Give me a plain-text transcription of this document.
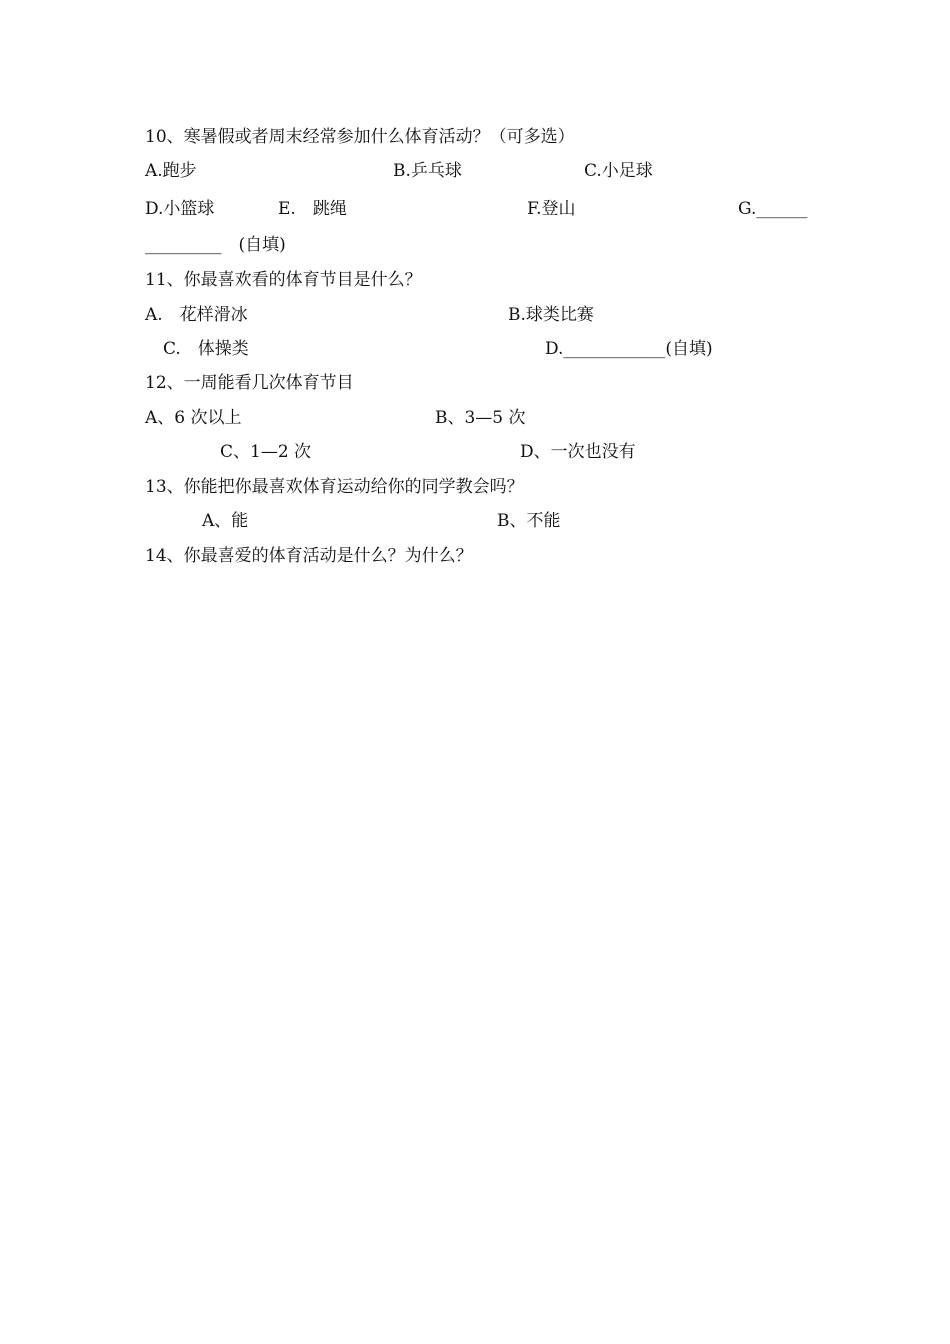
10、寒暑假或者周末经常参加什么体育活动？（可多选）
A.跑步	B.乒乓球	C.小足球
D.小篮球	E.　跳绳	F.登山	G.______
_________　(自填)
11、你最喜欢看的体育节目是什么？
A.　花样滑冰	B.球类比赛
C.　体操类	D.____________(自填)
12、一周能看几次体育节目
A、6 次以上	B、3—5 次
C、1—2 次	D、一次也没有
13、你能把你最喜欢体育运动给你的同学教会吗？
A、能	B、不能
14、你最喜爱的体育活动是什么？为什么？
